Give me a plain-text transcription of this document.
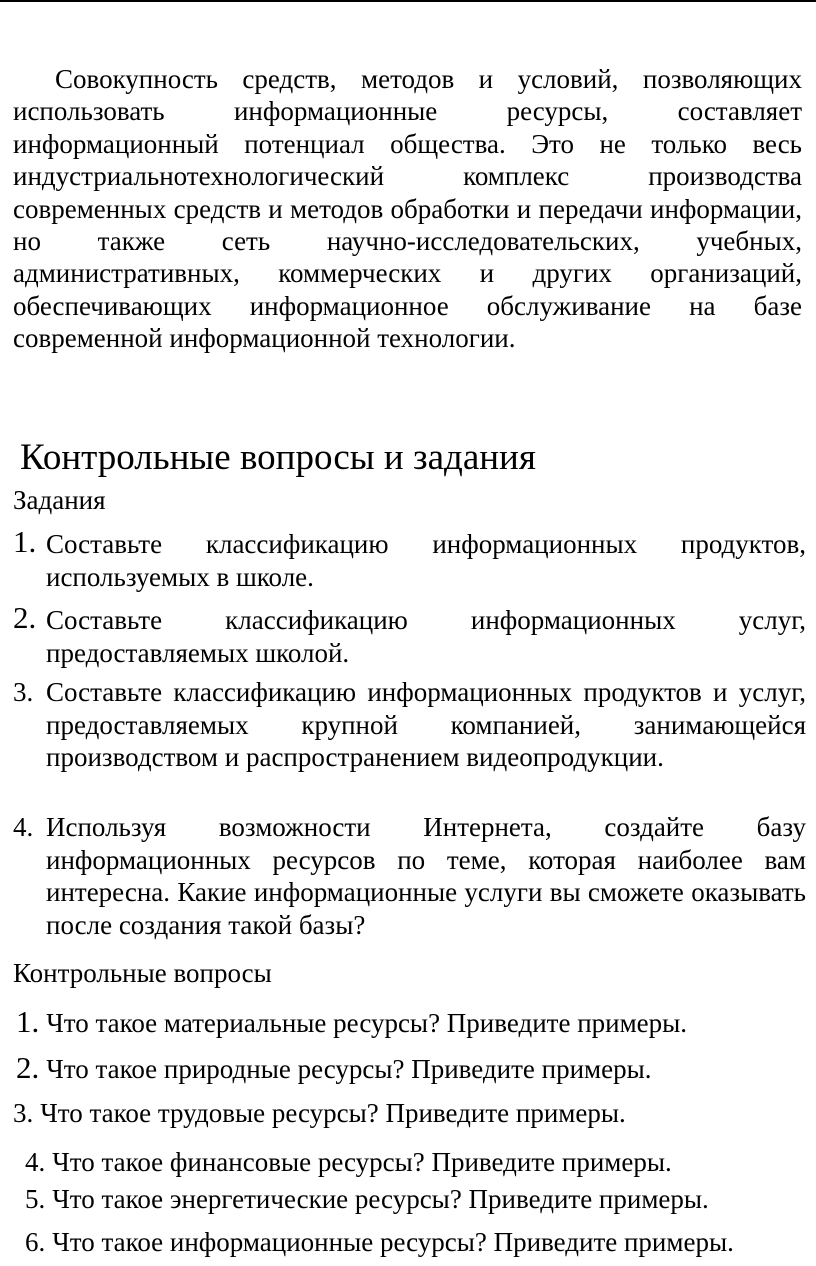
Совокупность средств, методов и условий, позволяющих использовать информационные ресурсы, составляет информационный потенциал общества. Это не только весь индустриальнотехнологический комплекс производства современных средств и методов обработки и передачи информации, но также сеть научно-исследовательских, учебных, административных, коммерческих и других организаций, обеспечивающих информационное обслуживание на базе современной информационной технологии.

Контрольные вопросы и задания
Задания
1. Составьте классификацию информационных продуктов, используемых в школе.
2. Составьте классификацию информационных услуг, предоставляемых школой.
3. Составьте классификацию информационных продуктов и услуг, предоставляемых крупной компанией, занимающейся производством и распространением видеопродукции.
4. Используя возможности Интернета, создайте базу информационных ресурсов по теме, которая наиболее вам интересна. Какие информационные услуги вы сможете оказывать после создания такой базы?
Контрольные вопросы
1. Что такое материальные ресурсы? Приведите примеры.
2. Что такое природные ресурсы? Приведите примеры.
3. Что такое трудовые ресурсы? Приведите примеры.
4. Что такое финансовые ресурсы? Приведите примеры.
5. Что такое энергетические ресурсы? Приведите примеры.
6. Что такое информационные ресурсы? Приведите примеры.
